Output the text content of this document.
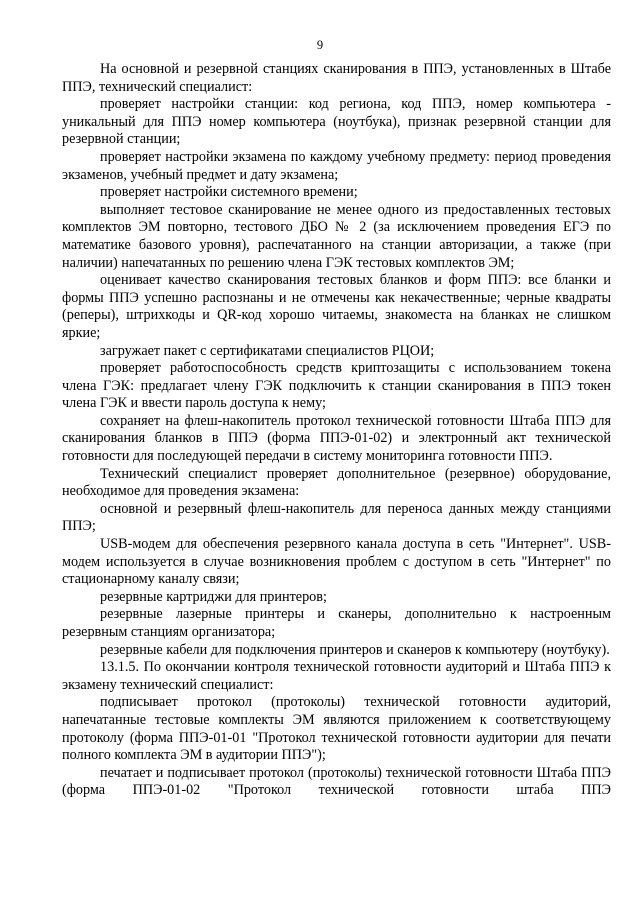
9

На основной и резервной станциях сканирования в ППЭ, установленных в Штабе ППЭ, технический специалист:

проверяет настройки станции: код региона, код ППЭ, номер компьютера - уникальный для ППЭ номер компьютера (ноутбука), признак резервной станции для резервной станции;

проверяет настройки экзамена по каждому учебному предмету: период проведения экзаменов, учебный предмет и дату экзамена;

проверяет настройки системного времени;

выполняет тестовое сканирование не менее одного из предоставленных тестовых комплектов ЭМ повторно, тестового ДБО № 2 (за исключением проведения ЕГЭ по математике базового уровня), распечатанного на станции авторизации, а также (при наличии) напечатанных по решению члена ГЭК тестовых комплектов ЭМ;

оценивает качество сканирования тестовых бланков и форм ППЭ: все бланки и формы ППЭ успешно распознаны и не отмечены как некачественные; черные квадраты (реперы), штрихкоды и QR-код хорошо читаемы, знакоместа на бланках не слишком яркие;

загружает пакет с сертификатами специалистов РЦОИ;

проверяет работоспособность средств криптозащиты с использованием токена члена ГЭК: предлагает члену ГЭК подключить к станции сканирования в ППЭ токен члена ГЭК и ввести пароль доступа к нему;

сохраняет на флеш-накопитель протокол технической готовности Штаба ППЭ для сканирования бланков в ППЭ (форма ППЭ-01-02) и электронный акт технической готовности для последующей передачи в систему мониторинга готовности ППЭ.

Технический специалист проверяет дополнительное (резервное) оборудование, необходимое для проведения экзамена:

основной и резервный флеш-накопитель для переноса данных между станциями ППЭ;

USB-модем для обеспечения резервного канала доступа в сеть "Интернет". USB-модем используется в случае возникновения проблем с доступом в сеть "Интернет" по стационарному каналу связи;

резервные картриджи для принтеров;

резервные лазерные принтеры и сканеры, дополнительно к настроенным резервным станциям организатора;

резервные кабели для подключения принтеров и сканеров к компьютеру (ноутбуку).

13.1.5. По окончании контроля технической готовности аудиторий и Штаба ППЭ к экзамену технический специалист:

подписывает протокол (протоколы) технической готовности аудиторий, напечатанные тестовые комплекты ЭМ являются приложением к соответствующему протоколу (форма ППЭ-01-01 "Протокол технической готовности аудитории для печати полного комплекта ЭМ в аудитории ППЭ");

печатает и подписывает протокол (протоколы) технической готовности Штаба ППЭ (форма ППЭ-01-02 "Протокол технической готовности штаба ППЭ
